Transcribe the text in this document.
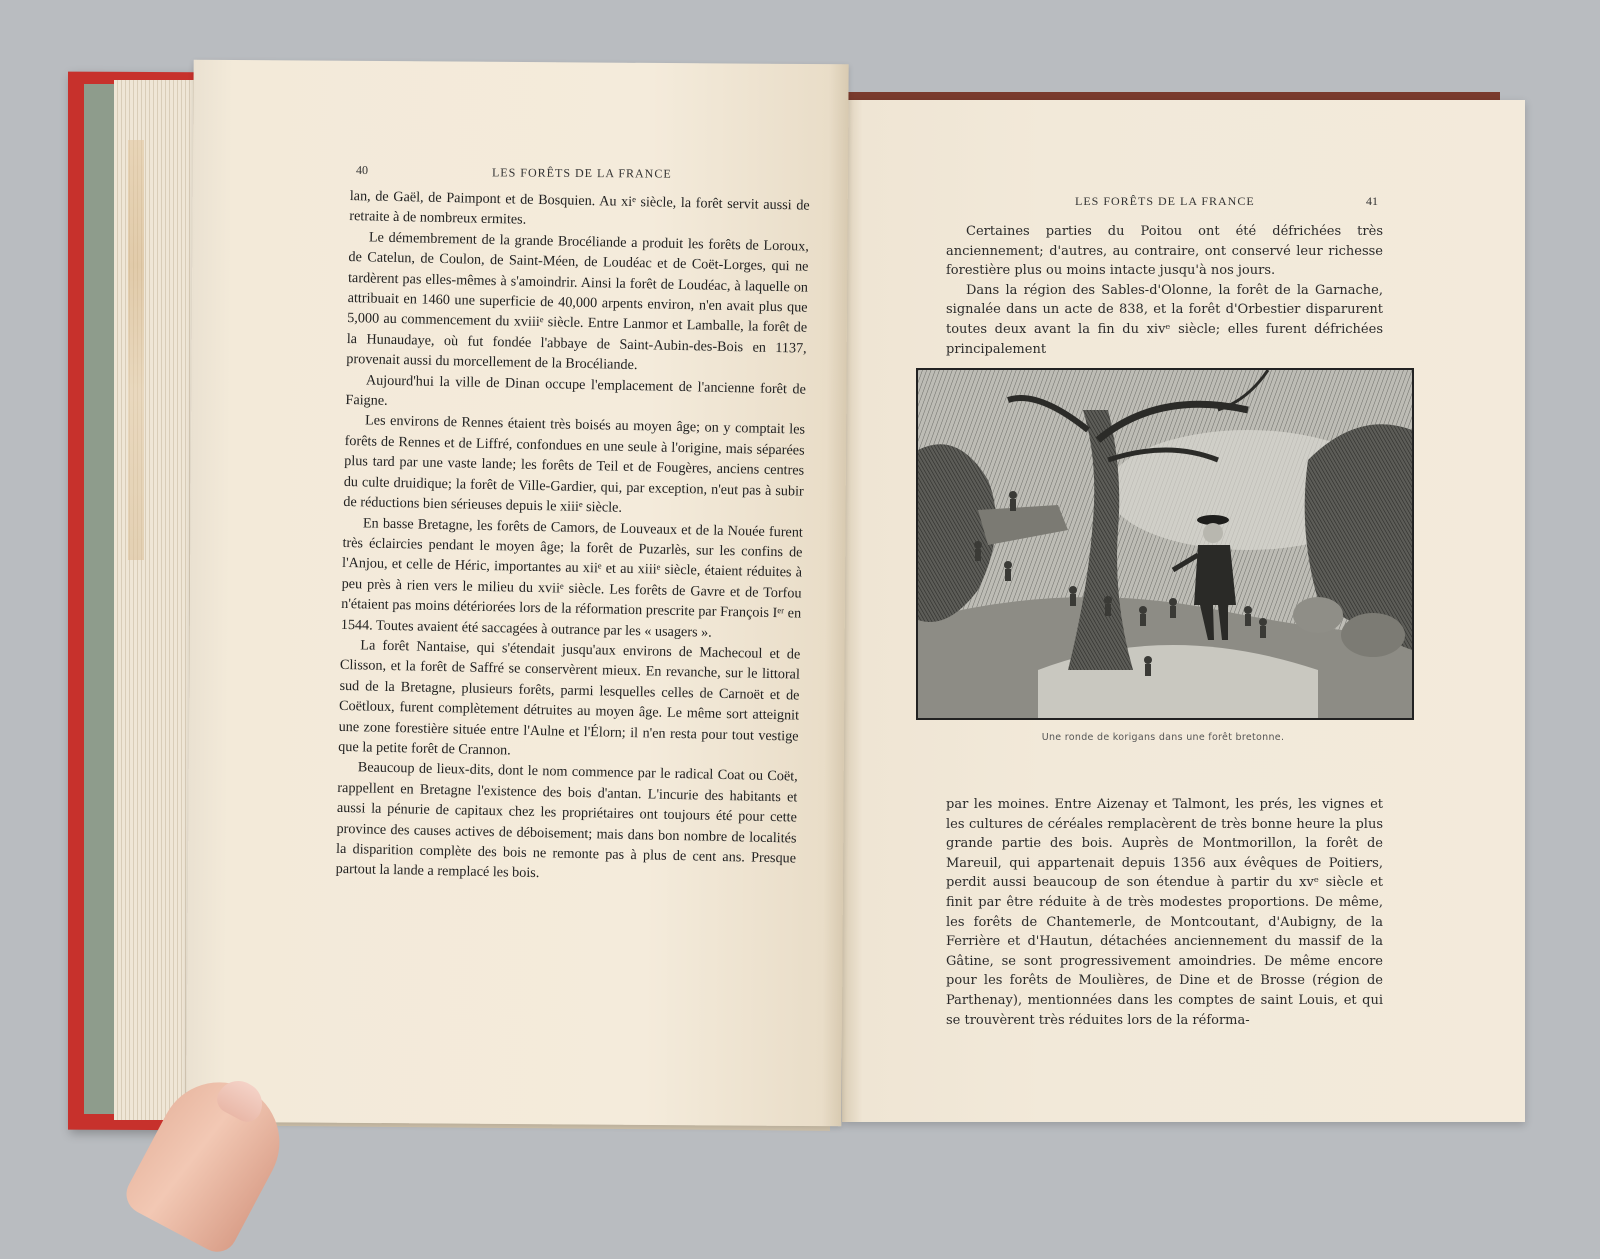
40	LES FORÊTS DE LA FRANCE

lan, de Gaël, de Paimpont et de Bosquien. Au xiᵉ siècle, la forêt servit aussi de retraite à de nombreux ermites.

Le démembrement de la grande Brocéliande a produit les forêts de Loroux, de Catelun, de Coulon, de Saint-Méen, de Loudéac et de Coët-Lorges, qui ne tardèrent pas elles-mêmes à s'amoindrir. Ainsi la forêt de Loudéac, à laquelle on attribuait en 1460 une superficie de 40,000 arpents environ, n'en avait plus que 5,000 au commencement du xviiiᵉ siècle. Entre Lanmor et Lamballe, la forêt de la Hunaudaye, où fut fondée l'abbaye de Saint-Aubin-des-Bois en 1137, provenait aussi du morcellement de la Brocéliande.

Aujourd'hui la ville de Dinan occupe l'emplacement de l'ancienne forêt de Faigne.

Les environs de Rennes étaient très boisés au moyen âge; on y comptait les forêts de Rennes et de Liffré, confondues en une seule à l'origine, mais séparées plus tard par une vaste lande; les forêts de Teil et de Fougères, anciens centres du culte druidique; la forêt de Ville-Gardier, qui, par exception, n'eut pas à subir de réductions bien sérieuses depuis le xiiiᵉ siècle.

En basse Bretagne, les forêts de Camors, de Louveaux et de la Nouée furent très éclaircies pendant le moyen âge; la forêt de Puzarlès, sur les confins de l'Anjou, et celle de Héric, importantes au xiiᵉ et au xiiiᵉ siècle, étaient réduites à peu près à rien vers le milieu du xviiᵉ siècle. Les forêts de Gavre et de Torfou n'étaient pas moins détériorées lors de la réformation prescrite par François Iᵉʳ en 1544. Toutes avaient été saccagées à outrance par les « usagers ».

La forêt Nantaise, qui s'étendait jusqu'aux environs de Machecoul et de Clisson, et la forêt de Saffré se conservèrent mieux. En revanche, sur le littoral sud de la Bretagne, plusieurs forêts, parmi lesquelles celles de Carnoët et de Coëtloux, furent complètement détruites au moyen âge. Le même sort atteignit une zone forestière située entre l'Aulne et l'Élorn; il n'en resta pour tout vestige que la petite forêt de Crannon.

Beaucoup de lieux-dits, dont le nom commence par le radical Coat ou Coët, rappellent en Bretagne l'existence des bois d'antan. L'incurie des habitants et aussi la pénurie de capitaux chez les propriétaires ont toujours été pour cette province des causes actives de déboisement; mais dans bon nombre de localités la disparition complète des bois ne remonte pas à plus de cent ans. Presque partout la lande a remplacé les bois.

LES FORÊTS DE LA FRANCE	41

Certaines parties du Poitou ont été défrichées très anciennement; d'autres, au contraire, ont conservé leur richesse forestière plus ou moins intacte jusqu'à nos jours.

Dans la région des Sables-d'Olonne, la forêt de la Garnache, signalée dans un acte de 838, et la forêt d'Orbestier disparurent toutes deux avant la fin du xivᵉ siècle; elles furent défrichées principalement

Une ronde de korigans dans une forêt bretonne.

par les moines. Entre Aizenay et Talmont, les prés, les vignes et les cultures de céréales remplacèrent de très bonne heure la plus grande partie des bois. Auprès de Montmorillon, la forêt de Mareuil, qui appartenait depuis 1356 aux évêques de Poitiers, perdit aussi beaucoup de son étendue à partir du xvᵉ siècle et finit par être réduite à de très modestes proportions. De même, les forêts de Chantemerle, de Montcoutant, d'Aubigny, de la Ferrière et d'Hautun, détachées anciennement du massif de la Gâtine, se sont progressivement amoindries. De même encore pour les forêts de Moulières, de Dine et de Brosse (région de Parthenay), mentionnées dans les comptes de saint Louis, et qui se trouvèrent très réduites lors de la réforma-
